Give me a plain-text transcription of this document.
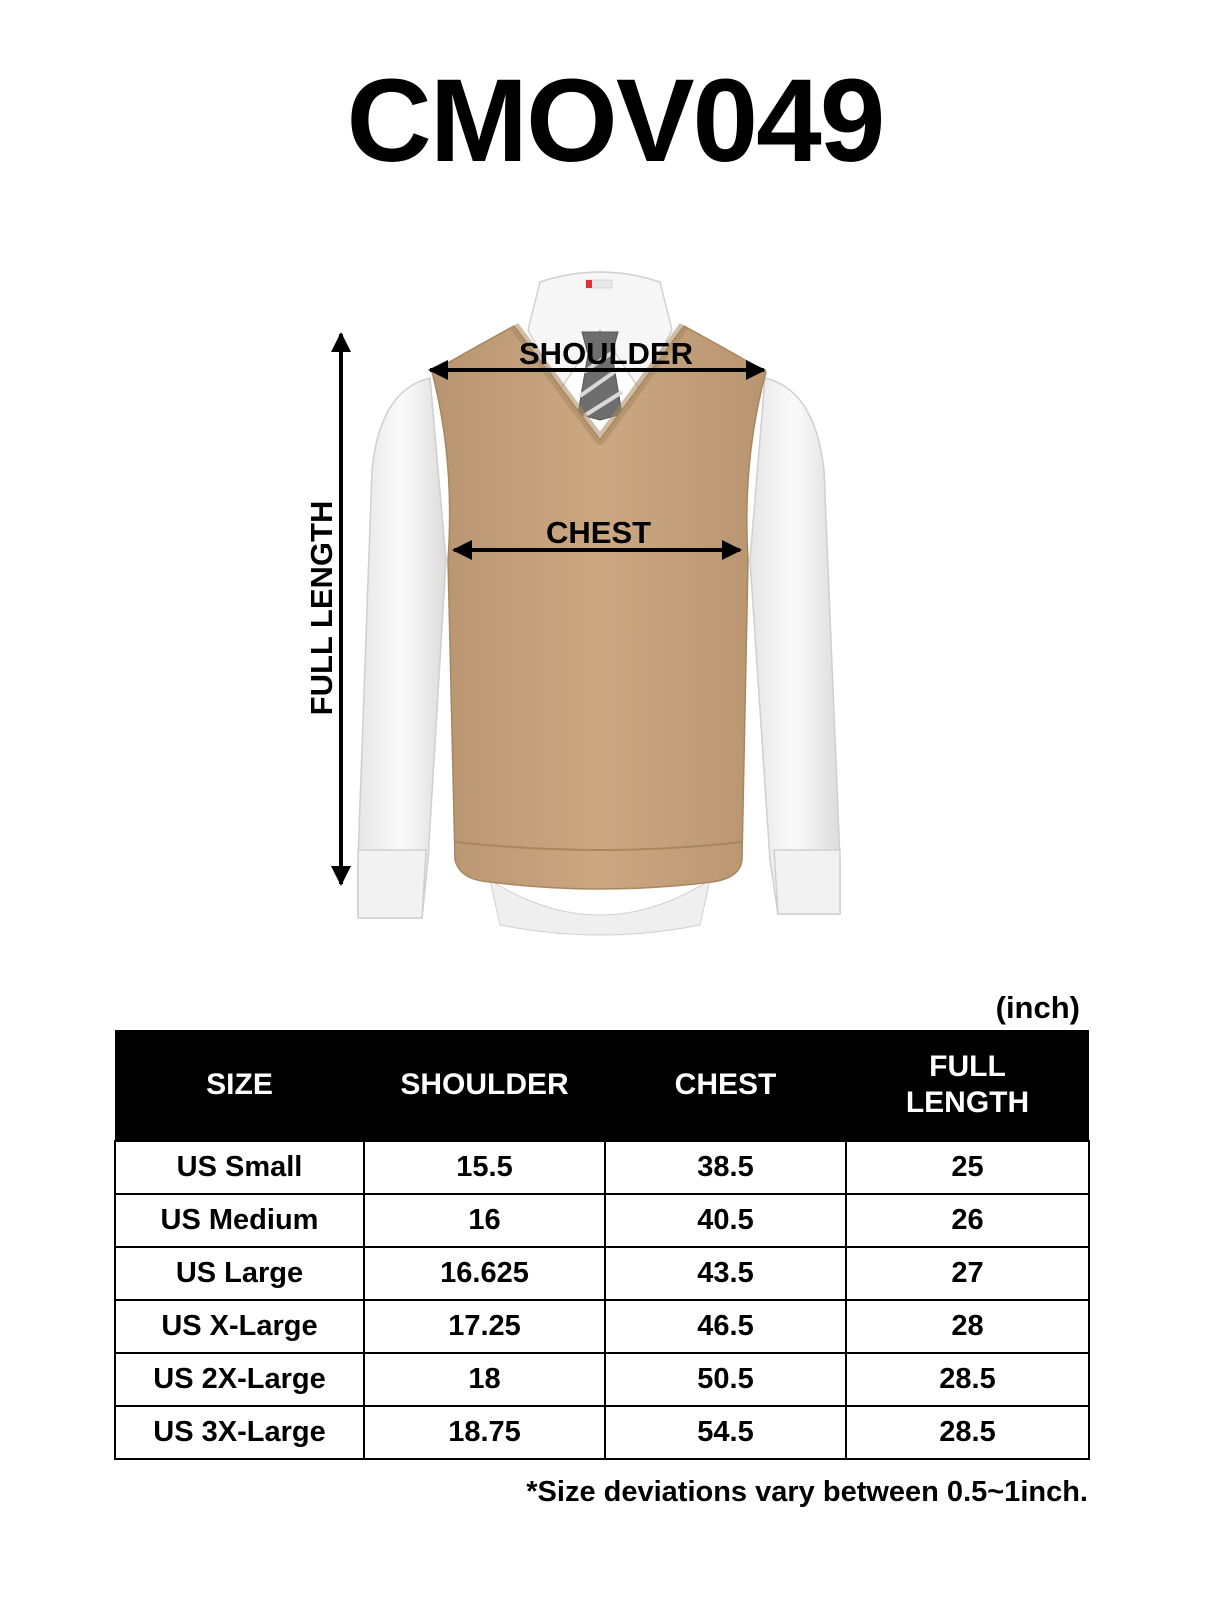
CMOV049
SHOULDER
CHEST
FULL LENGTH
(inch)
SIZE	SHOULDER	CHEST	FULL
LENGTH
US Small	15.5	38.5	25
US Medium	16	40.5	26
US Large	16.625	43.5	27
US X-Large	17.25	46.5	28
US 2X-Large	18	50.5	28.5
US 3X-Large	18.75	54.5	28.5
*Size deviations vary between 0.5~1inch.
